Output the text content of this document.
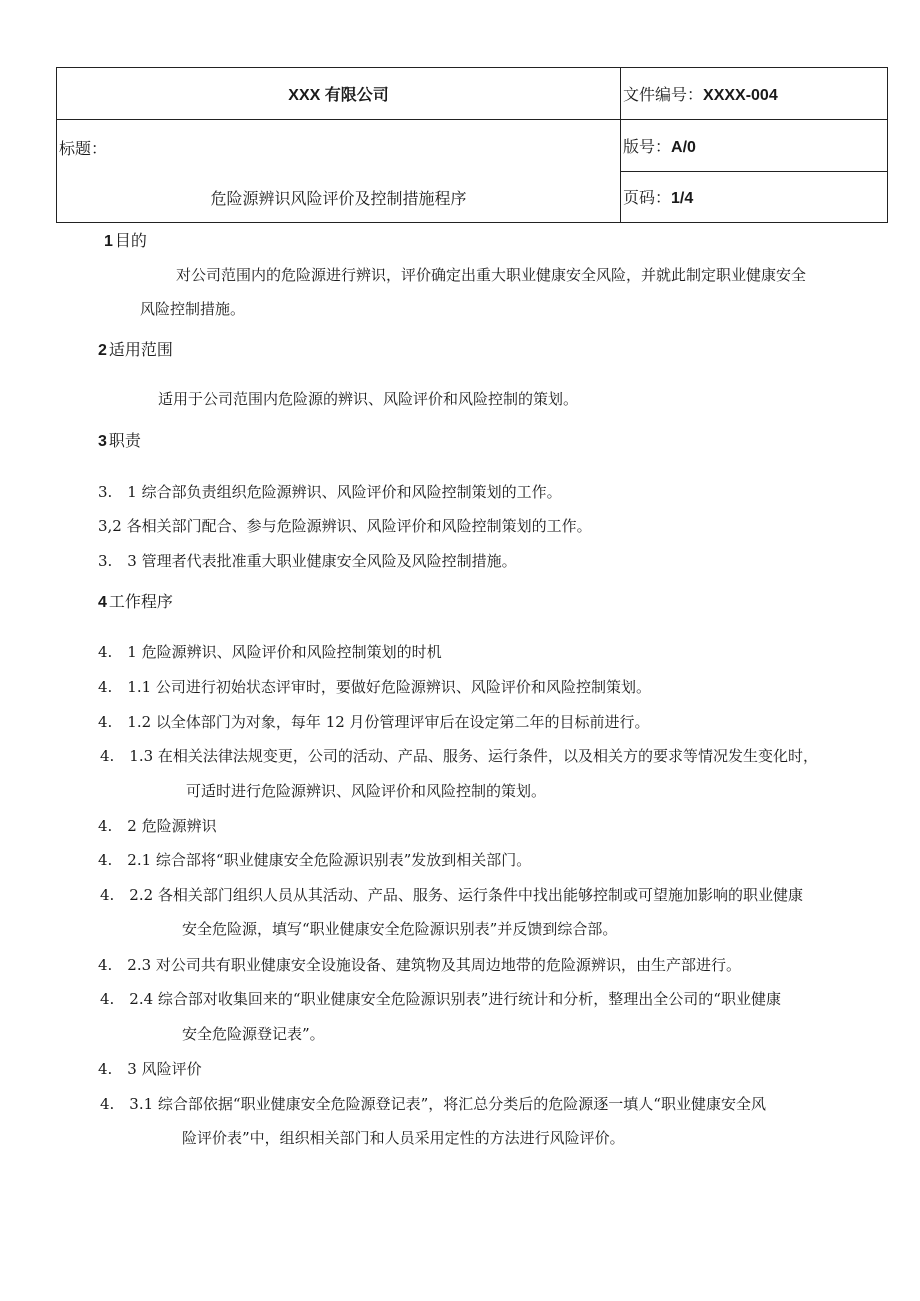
XXX 有限公司	文件编号：XXXX-004

标题：
危险源辨识风险评价及控制措施程序	版号：A/0
	页码：1/4
1 目的
对公司范围内的危险源进行辨识，评价确定出重大职业健康安全风险，并就此制定职业健康安全
风险控制措施。
2 适用范围
适用于公司范围内危险源的辨识、风险评价和风险控制的策划。
3 职责
3.　1 综合部负责组织危险源辨识、风险评价和风险控制策划的工作。
3,2 各相关部门配合、参与危险源辨识、风险评价和风险控制策划的工作。
3.　3 管理者代表批准重大职业健康安全风险及风险控制措施。
4 工作程序
4.　1 危险源辨识、风险评价和风险控制策划的时机
4.　1.1 公司进行初始状态评审时，要做好危险源辨识、风险评价和风险控制策划。
4.　1.2 以全体部门为对象，每年 12 月份管理评审后在设定第二年的目标前进行。
4.　1.3 在相关法律法规变更，公司的活动、产品、服务、运行条件，以及相关方的要求等情况发生变化时，
可适时进行危险源辨识、风险评价和风险控制的策划。
4.　2 危险源辨识
4.　2.1 综合部将“职业健康安全危险源识别表”发放到相关部门。
4.　2.2 各相关部门组织人员从其活动、产品、服务、运行条件中找出能够控制或可望施加影响的职业健康
安全危险源，填写“职业健康安全危险源识别表”并反馈到综合部。
4.　2.3 对公司共有职业健康安全设施设备、建筑物及其周边地带的危险源辨识，由生产部进行。
4.　2.4 综合部对收集回来的“职业健康安全危险源识别表”进行统计和分析，整理出全公司的“职业健康
安全危险源登记表”。
4.　3 风险评价
4.　3.1 综合部依据“职业健康安全危险源登记表”，将汇总分类后的危险源逐一填人“职业健康安全风
险评价表”中，组织相关部门和人员采用定性的方法进行风险评价。
